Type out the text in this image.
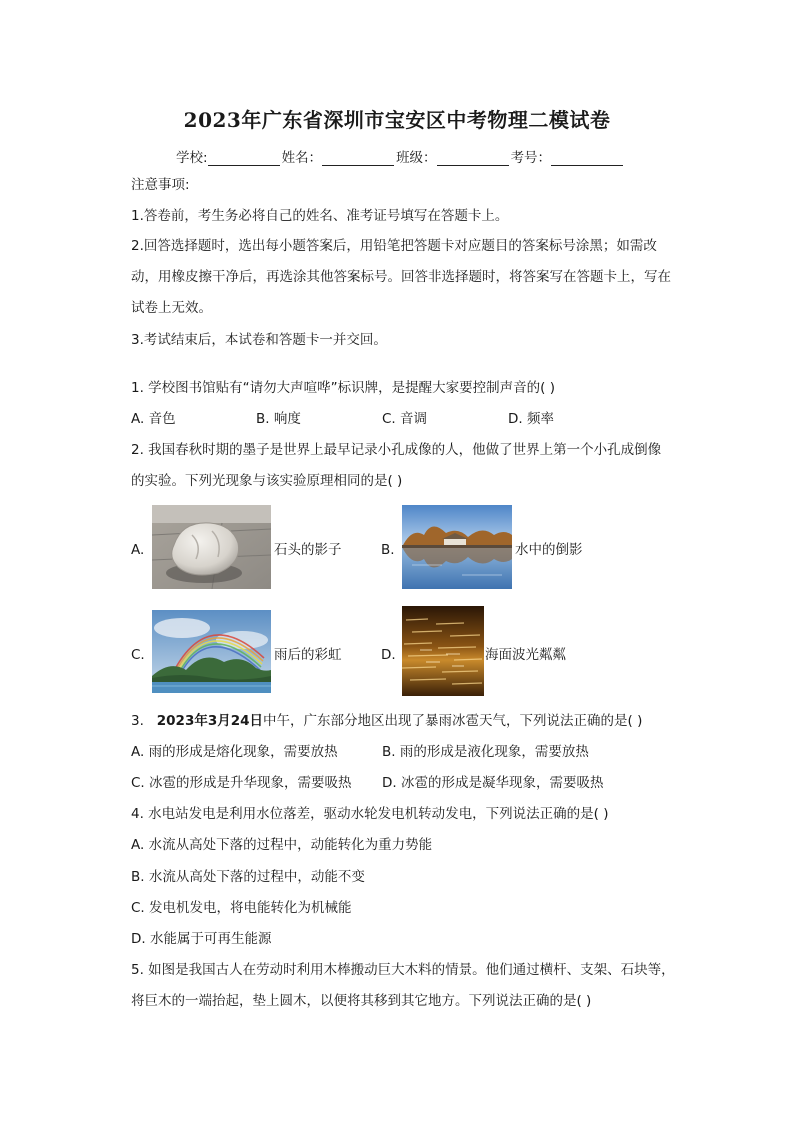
2023年广东省深圳市宝安区中考物理二模试卷
学校:	姓名：	班级：	考号：
注意事项:
1.答卷前，考生务必将自己的姓名、准考证号填写在答题卡上。
2.回答选择题时，选出每小题答案后，用铅笔把答题卡对应题目的答案标号涂黑；如需改动，用橡皮擦干净后，再选涂其他答案标号。回答非选择题时，将答案写在答题卡上，写在试卷上无效。
3.考试结束后，本试卷和答题卡一并交回。
1. 学校图书馆贴有“请勿大声喧哗”标识牌，是提醒大家要控制声音的( )
A. 音色	B. 响度	C. 音调	D. 频率
2. 我国春秋时期的墨子是世界上最早记录小孔成像的人，他做了世界上第一个小孔成倒像
的实验。下列光现象与该实验原理相同的是( )
A.	石头的影子	B.	水中的倒影
C.	雨后的彩虹	D.	海面波光粼粼
3. 2023年3月24日中午，广东部分地区出现了暴雨冰雹天气，下列说法正确的是( )
A. 雨的形成是熔化现象，需要放热	B. 雨的形成是液化现象，需要放热
C. 冰雹的形成是升华现象，需要吸热 D. 冰雹的形成是凝华现象，需要吸热
4. 水电站发电是利用水位落差，驱动水轮发电机转动发电，下列说法正确的是( )
A. 水流从高处下落的过程中，动能转化为重力势能
B. 水流从高处下落的过程中，动能不变
C. 发电机发电，将电能转化为机械能
D. 水能属于可再生能源
5. 如图是我国古人在劳动时利用木棒搬动巨大木料的情景。他们通过横杆、支架、石块等，
将巨木的一端抬起，垫上圆木，以便将其移到其它地方。下列说法正确的是( )
